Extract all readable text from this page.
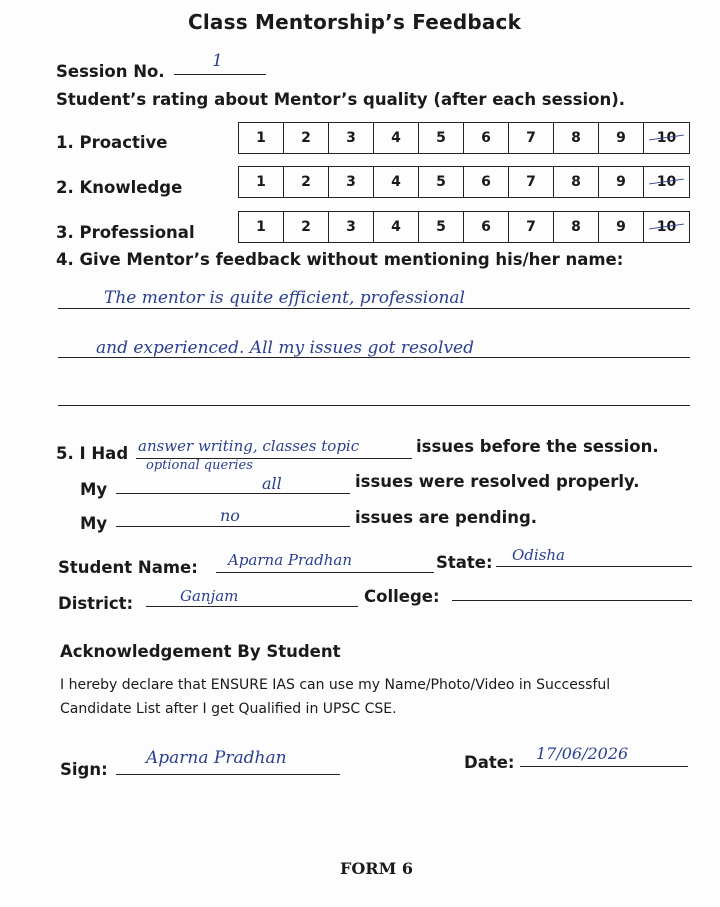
Class Mentorship’s Feedback
Session No.
1
Student’s rating about Mentor’s quality (after each session).
1. Proactive	1	2	3	4	5	6	7	8	9	10
2. Knowledge	1	2	3	4	5	6	7	8	9	10
3. Professional	1	2	3	4	5	6	7	8	9	10
4. Give Mentor’s feedback without mentioning his/her name:
The mentor is quite efficient, professional
and experienced. All my issues got resolved
5. I Had answer writing, classes topic
optional queries
issues before the session.
My	all	issues were resolved properly.
My	no	issues are pending.
Student Name: Aparna Pradhan	State: Odisha
District:	Ganjam	College:
Acknowledgement By Student
I hereby declare that ENSURE IAS can use my Name/Photo/Video in Successful
Candidate List after I get Qualified in UPSC CSE.
Sign:
Aparna Pradhan	Date: 17/06/2026
FORM 6
